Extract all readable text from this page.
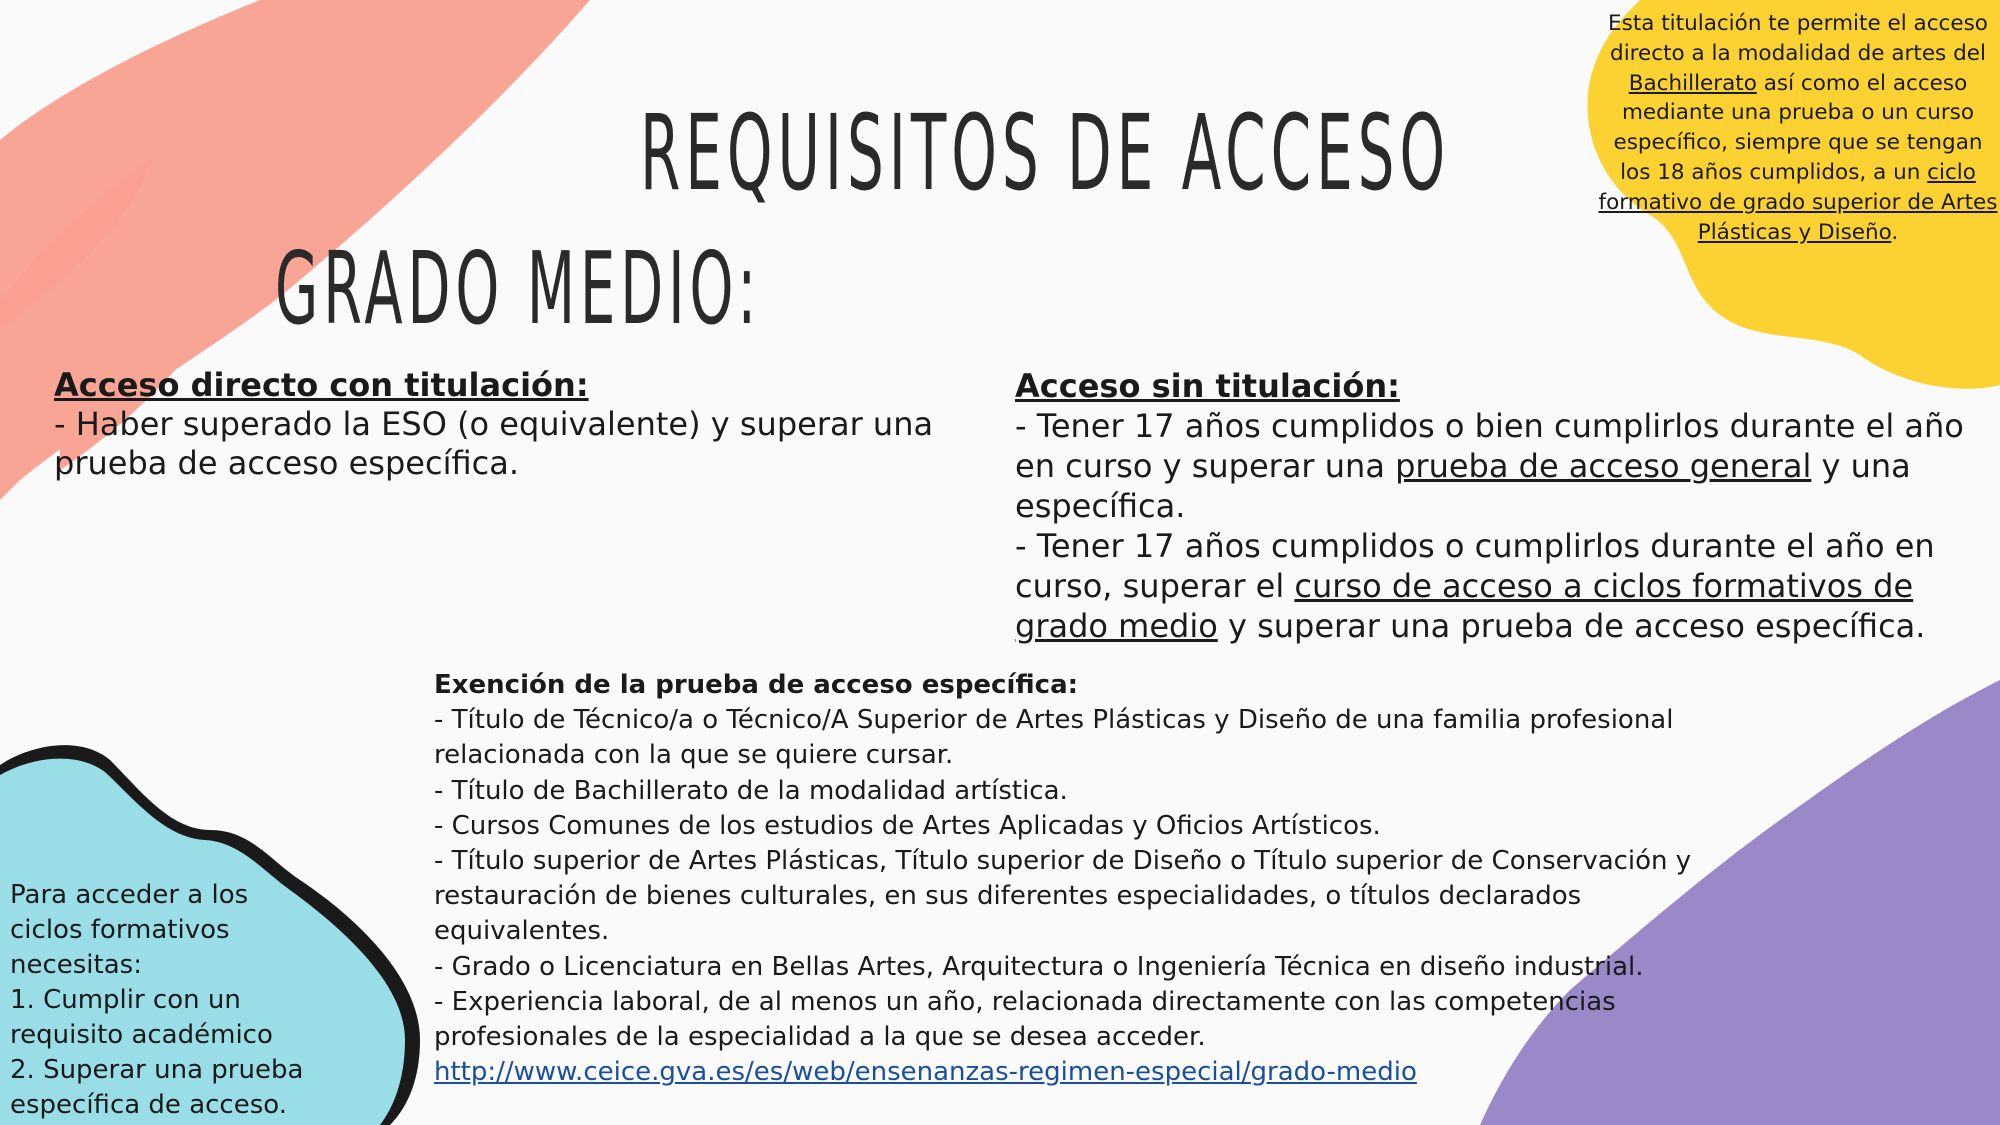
REQUISITOS DE ACCESO
GRADO MEDIO:

Acceso directo con titulación:

- Haber superado la ESO (o equivalente) y superar una prueba de acceso específica.

Acceso sin titulación:

- Tener 17 años cumplidos o bien cumplirlos durante el año en curso y superar una prueba de acceso general y una específica.

- Tener 17 años cumplidos o cumplirlos durante el año en curso, superar el curso de acceso a ciclos formativos de grado medio y superar una prueba de acceso específica.

Exención de la prueba de acceso específica:

- Título de Técnico/a o Técnico/A Superior de Artes Plásticas y Diseño de una familia profesional relacionada con la que se quiere cursar.

- Título de Bachillerato de la modalidad artística.

- Cursos Comunes de los estudios de Artes Aplicadas y Oficios Artísticos.

- Título superior de Artes Plásticas, Título superior de Diseño o Título superior de Conservación y restauración de bienes culturales, en sus diferentes especialidades, o títulos declarados equivalentes.

- Grado o Licenciatura en Bellas Artes, Arquitectura o Ingeniería Técnica en diseño industrial.

- Experiencia laboral, de al menos un año, relacionada directamente con las competencias profesionales de la especialidad a la que se desea acceder.

http://www.ceice.gva.es/es/web/ensenanzas-regimen-especial/grado-medio

Esta titulación te permite el acceso directo a la modalidad de artes del Bachillerato así como el acceso mediante una prueba o un curso específico, siempre que se tengan los 18 años cumplidos, a un ciclo formativo de grado superior de Artes Plásticas y Diseño.

Para acceder a los ciclos formativos necesitas:

1. Cumplir con un requisito académico

2. Superar una prueba específica de acceso.
